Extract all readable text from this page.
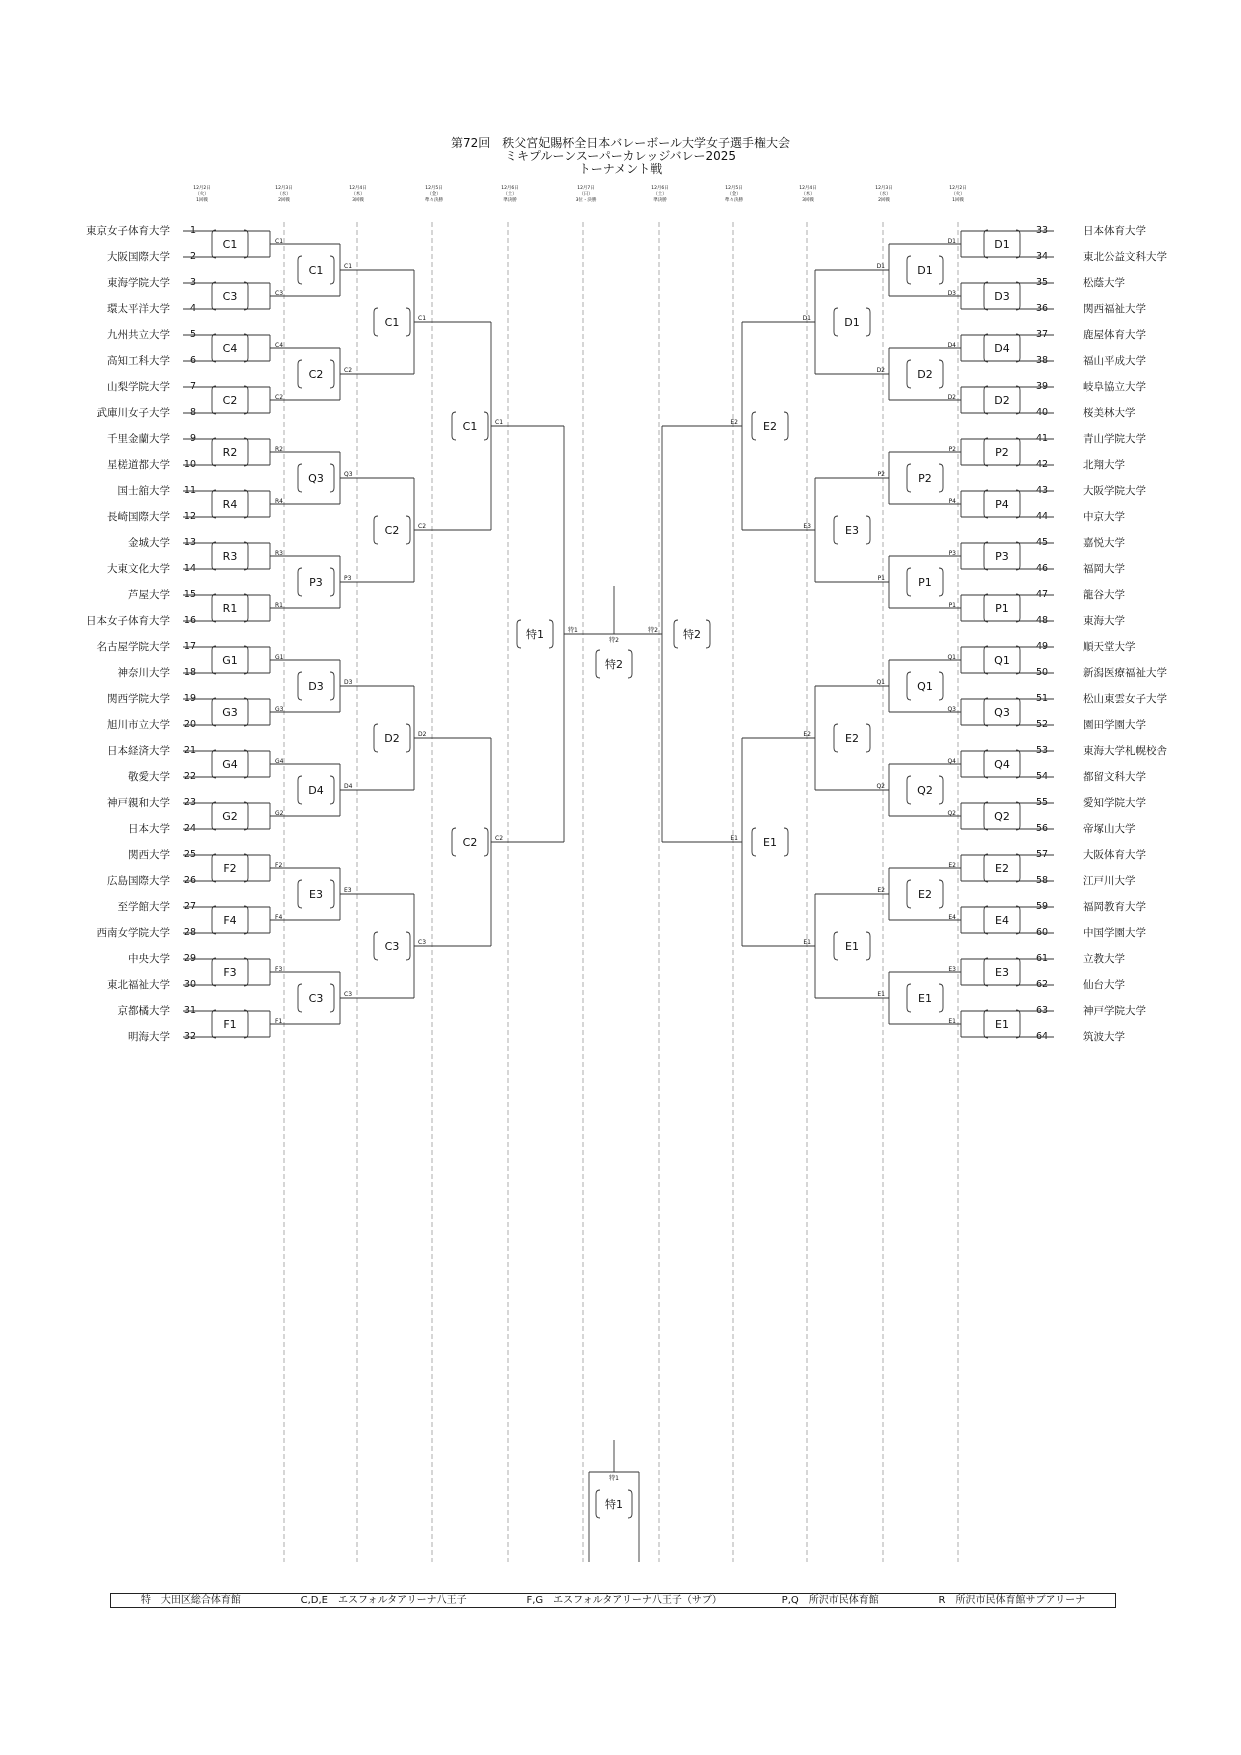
第72回　秩父宮妃賜杯全日本バレーボール大学女子選手権大会
ミキプルーンスーパーカレッジバレー2025
トーナメント戦
12月2日
（火）
1回戦
12月3日
（水）
2回戦
12月4日
（木）
3回戦
12月5日
（金）
準々決勝
12月6日
（土）
準決勝
12月7日
（日）
3位・決勝
12月6日
（土）
準決勝
12月5日
（金）
準々決勝
12月4日
（木）
3回戦
12月3日
（水）
2回戦
12月2日
（火）
1回戦
東京女子体育大学	1	日本体育大学
33
大阪国際大学	2	東北公益文科大学
34
東海学院大学	3	松蔭大学
35
環太平洋大学	4	関西福祉大学
36
九州共立大学	5	鹿屋体育大学
37
高知工科大学	6	福山平成大学
38
山梨学院大学	7	岐阜協立大学
39
武庫川女子大学	8	桜美林大学
40
千里金蘭大学	9	青山学院大学
41
星槎道都大学	10	北翔大学
42
国士舘大学	11	大阪学院大学
43
長崎国際大学	12	中京大学
44
金城大学	13	嘉悦大学
45
大東文化大学	14	福岡大学
46
芦屋大学	15	龍谷大学
47
日本女子体育大学	16	東海大学
48
名古屋学院大学	17	順天堂大学
49
神奈川大学	18	新潟医療福祉大学
50
関西学院大学	19	松山東雲女子大学
51
旭川市立大学	20	園田学園大学
52
日本経済大学	21	東海大学札幌校舎
53
敬愛大学	22	都留文科大学
54
神戸親和大学	23	愛知学院大学
55
日本大学	24	帝塚山大学
56
関西大学	25	大阪体育大学
57
広島国際大学	26	江戸川大学
58
至学館大学	27	福岡教育大学
59
西南女学院大学	28	中国学園大学
60
中央大学	29	立教大学
61
東北福祉大学	30	仙台大学
62
京都橘大学	31	神戸学院大学
63
明海大学	32	筑波大学
64
C1	C1
C3	C3
C4	C4
C2	C2
R2	R2
R4	R4
R3	R3
R1	R1
G1	G1
G3	G3
G4	G4
G2	G2
F2	F2
F4	F4
F3	F3
F1	F1
C1	C1
C2	C2
Q3	Q3
P3	P3
D3	D3
D4	D4
E3	E3
C3	C3
C1	C1
C2	C2
D2	D2
C3	C3
C1	C1
C2	C2
特1	特1
D1
D1
D3
D3
D4
D4
D2
D2
P2
P2
P4
P4
P3
P3
P1
P1
Q1
Q1
Q3
Q3
Q4
Q4
Q2
Q2
E2
E2
E4
E4
E3
E3
E1
E1
D1
D1
D2
D2
P2
P2
P1
P1
Q1
Q1
Q2
Q2
E2
E2
E1
E1
D1
D1
E3
E3
E2
E2
E1
E1
E2
E2
E1
E1
特2
特2
特2
特2
特1
特1
特　大田区総合体育館	C,D,E　エスフォルタアリーナ八王子	F,G　エスフォルタアリーナ八王子（サブ）	P,Q　所沢市民体育館	R　所沢市民体育館サブアリーナ
